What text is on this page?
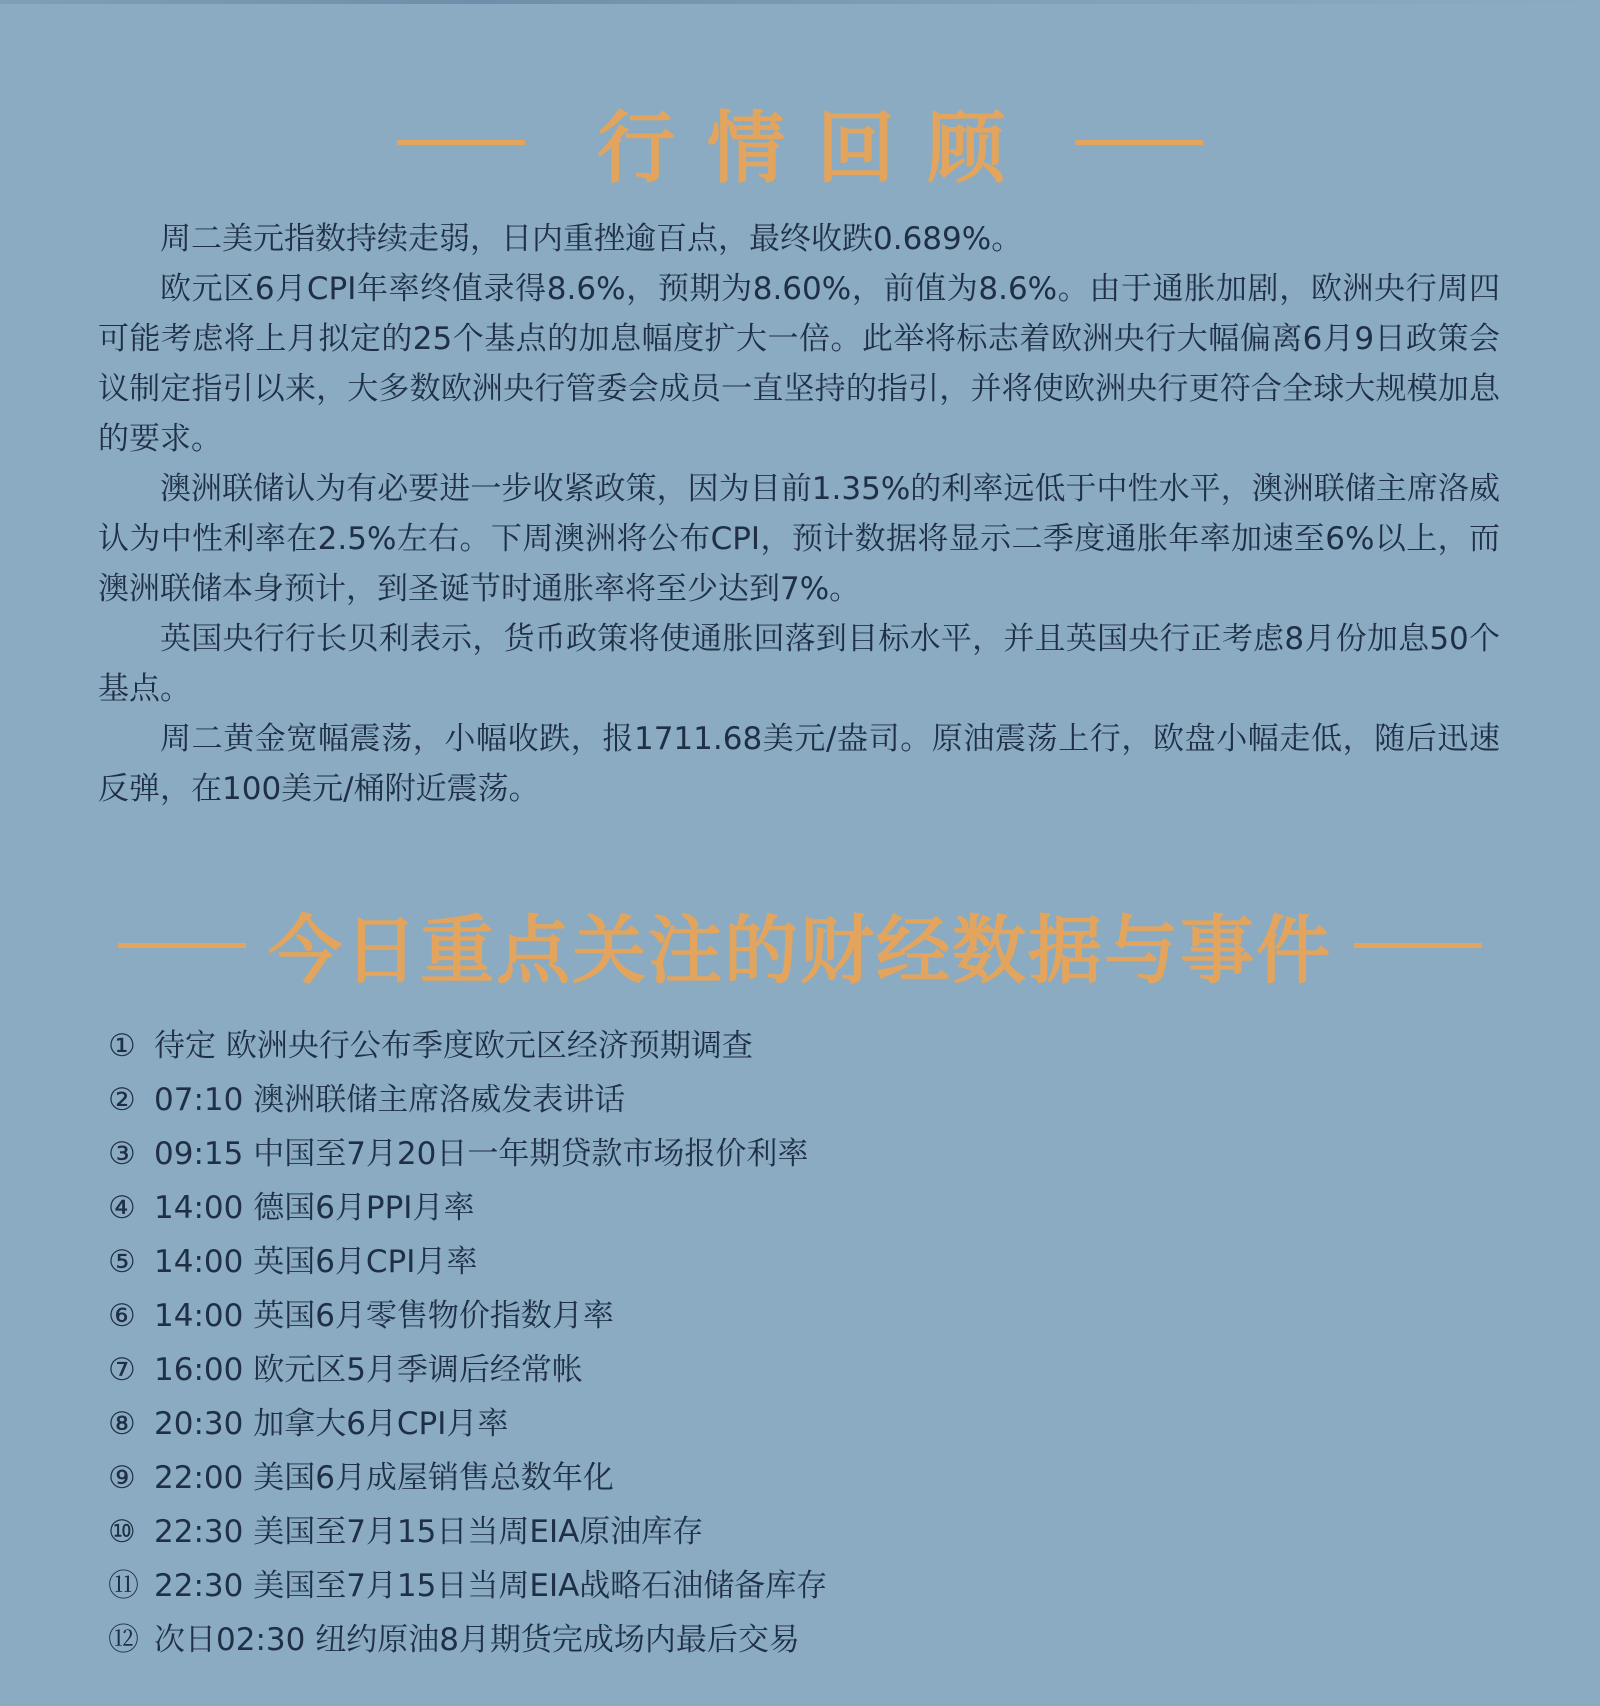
行情回顾

周二美元指数持续走弱，日内重挫逾百点，最终收跌0.689%。

欧元区6月CPI年率终值录得8.6%，预期为8.60%，前值为8.6%。由于通胀加剧，欧洲央行周四可能考虑将上月拟定的25个基点的加息幅度扩大一倍。此举将标志着欧洲央行大幅偏离6月9日政策会议制定指引以来，大多数欧洲央行管委会成员一直坚持的指引，并将使欧洲央行更符合全球大规模加息的要求。

澳洲联储认为有必要进一步收紧政策，因为目前1.35%的利率远低于中性水平，澳洲联储主席洛威认为中性利率在2.5%左右。下周澳洲将公布CPI，预计数据将显示二季度通胀年率加速至6%以上，而澳洲联储本身预计，到圣诞节时通胀率将至少达到7%。

英国央行行长贝利表示，货币政策将使通胀回落到目标水平，并且英国央行正考虑8月份加息50个基点。

周二黄金宽幅震荡，小幅收跌，报1711.68美元/盎司。原油震荡上行，欧盘小幅走低，随后迅速反弹，在100美元/桶附近震荡。

今日重点关注的财经数据与事件
① 待定 欧洲央行公布季度欧元区经济预期调查
② 07:10 澳洲联储主席洛威发表讲话
③ 09:15 中国至7月20日一年期贷款市场报价利率
④ 14:00 德国6月PPI月率
⑤ 14:00 英国6月CPI月率
⑥ 14:00 英国6月零售物价指数月率
⑦ 16:00 欧元区5月季调后经常帐
⑧ 20:30 加拿大6月CPI月率
⑨ 22:00 美国6月成屋销售总数年化
⑩ 22:30 美国至7月15日当周EIA原油库存
⑪ 22:30 美国至7月15日当周EIA战略石油储备库存
⑫ 次日02:30 纽约原油8月期货完成场内最后交易
